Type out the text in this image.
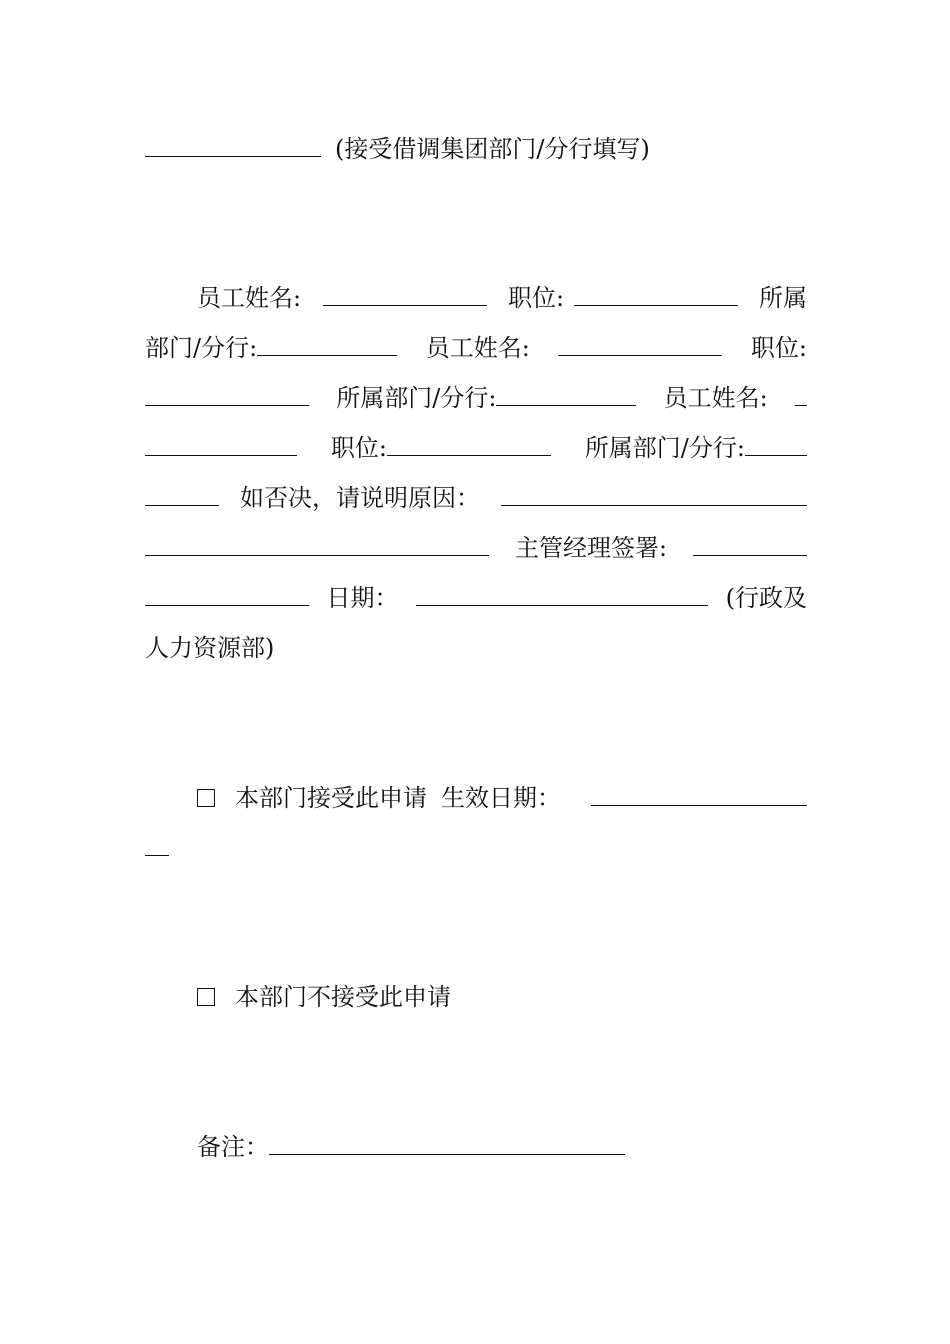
(接受借调集团部门/分行填写)
员工姓名:	职位:	所属
部门/分行:	员工姓名:	职位:
所属部门/分行:	员工姓名:
职位:	所属部门/分行:
如否决，请说明原因：
主管经理签署:
日期：	(行政及
人力资源部)
本部门接受此申请 生效日期：
本部门不接受此申请
备注：
